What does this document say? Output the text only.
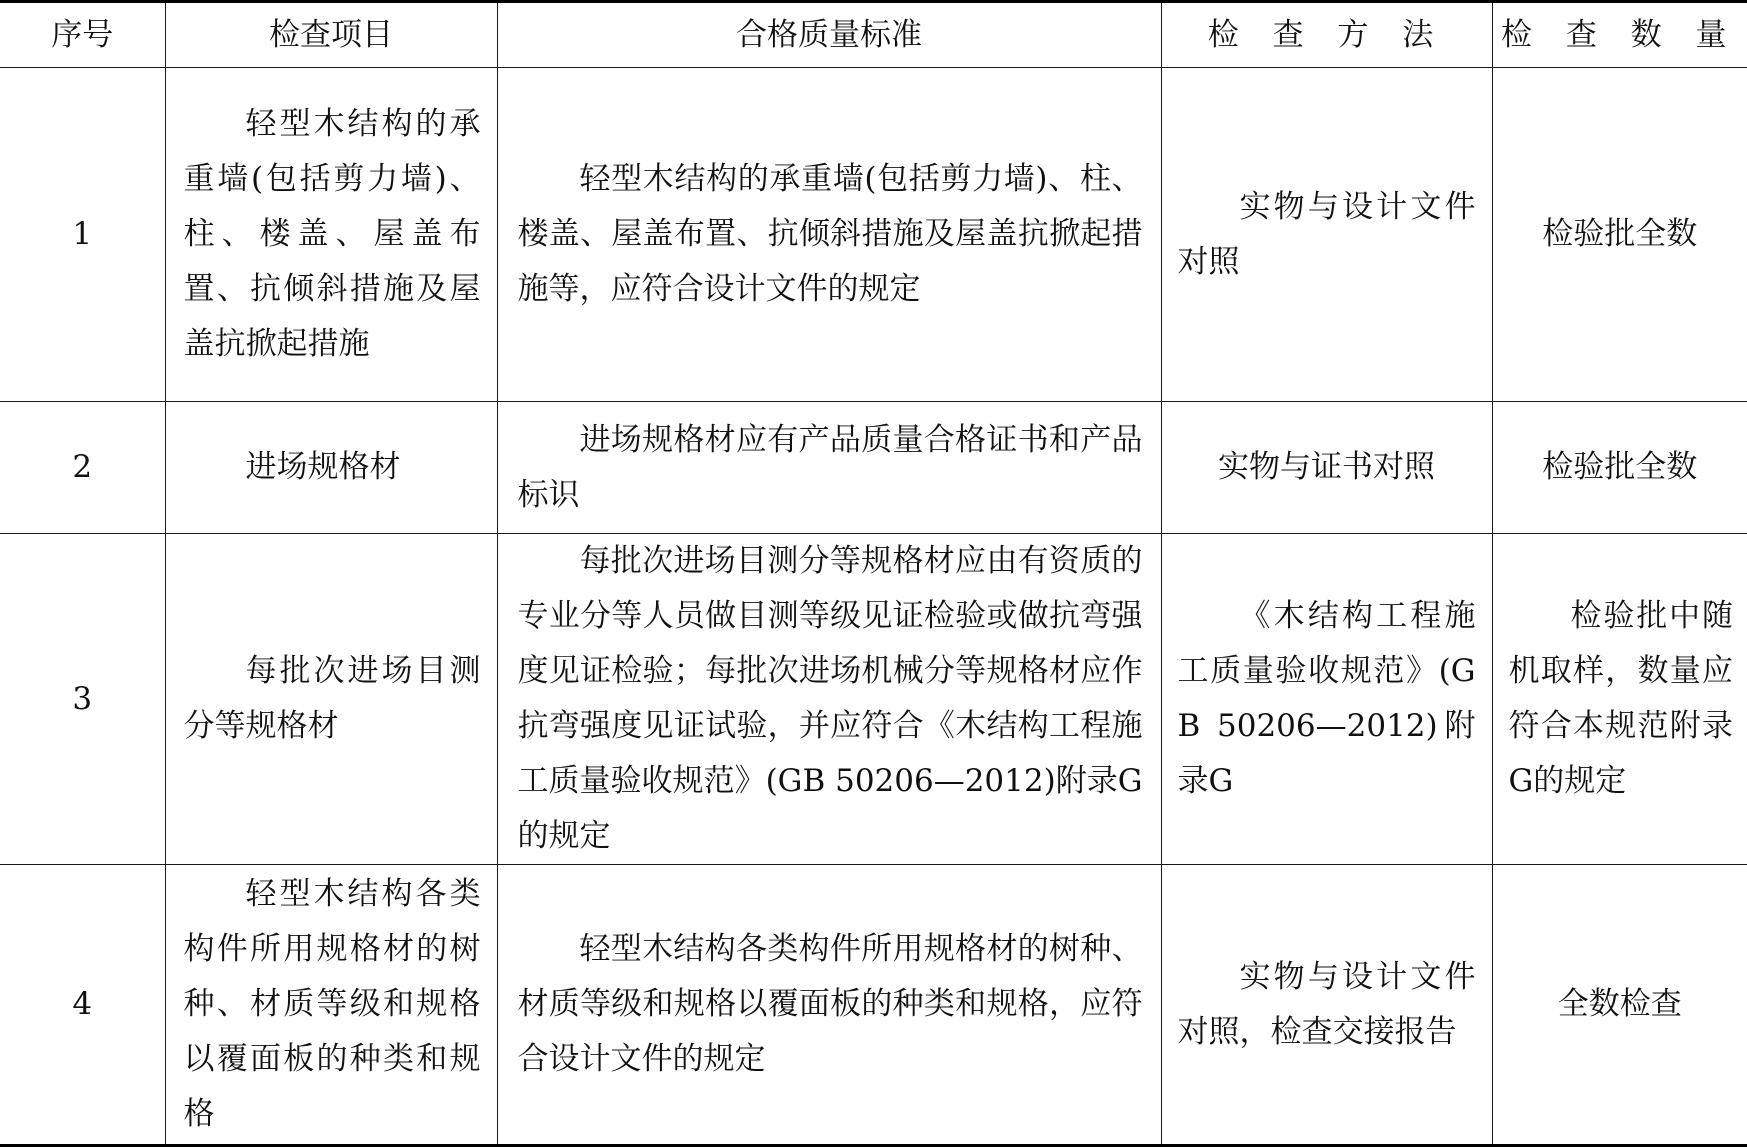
序号	检查项目	合格质量标准	检 查 方 法	检 查 数 量
1	轻型木结构的承重墙(包括剪力墙)、柱、楼盖、屋盖布置、抗倾斜措施及屋盖抗掀起措施	轻型木结构的承重墙(包括剪力墙)、柱、楼盖、屋盖布置、抗倾斜措施及屋盖抗掀起措施等，应符合设计文件的规定	实物与设计文件对照	检验批全数
2	进场规格材	进场规格材应有产品质量合格证书和产品标识	实物与证书对照	检验批全数
3	每批次进场目测分等规格材	每批次进场目测分等规格材应由有资质的专业分等人员做目测等级见证检验或做抗弯强度见证检验；每批次进场机械分等规格材应作抗弯强度见证试验，并应符合《木结构工程施工质量验收规范》(GB 50206—2012)附录G的规定	《木结构工程施工质量验收规范》(GB 50206—2012)附录G	检验批中随机取样，数量应符合本规范附录G的规定
4	轻型木结构各类构件所用规格材的树种、材质等级和规格以覆面板的种类和规格	轻型木结构各类构件所用规格材的树种、材质等级和规格以覆面板的种类和规格，应符合设计文件的规定	实物与设计文件对照，检查交接报告	全数检查
